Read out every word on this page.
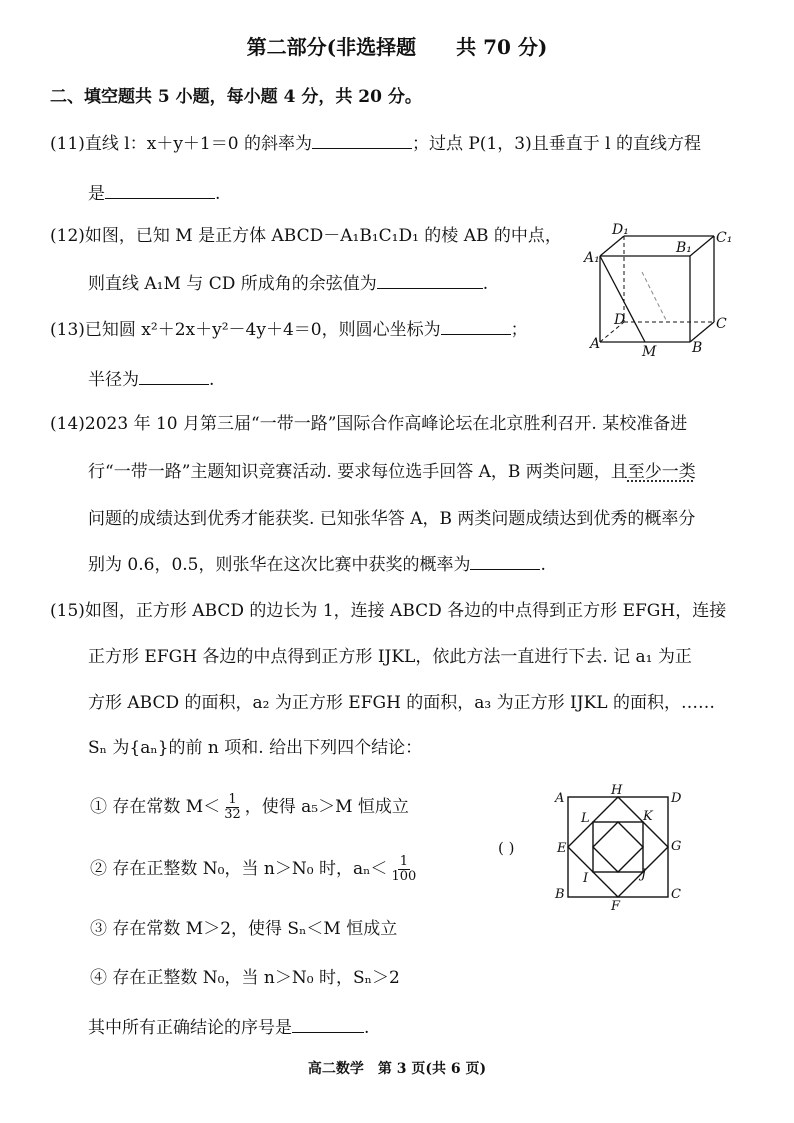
第二部分(非选择题　　共 70 分)
二、填空题共 5 小题，每小题 4 分，共 20 分。
(11)直线 l：x＋y＋1＝0 的斜率为	；过点 P(1，3)且垂直于 l 的直线方程
是	.
(12)如图，已知 M 是正方体 ABCD－A₁B₁C₁D₁ 的棱 AB 的中点，
则直线 A₁M 与 CD 所成角的余弦值为	.
(13)已知圆 x²＋2x＋y²－4y＋4＝0，则圆心坐标为	；
半径为	.
D₁
B₁
C₁
A₁
D	C
A	M	B
(14)2023 年 10 月第三届“一带一路”国际合作高峰论坛在北京胜利召开. 某校准备进
行“一带一路”主题知识竞赛活动. 要求每位选手回答 A，B 两类问题，且至少一类
问题的成绩达到优秀才能获奖. 已知张华答 A，B 两类问题成绩达到优秀的概率分
别为 0.6，0.5，则张华在这次比赛中获奖的概率为	.
(15)如图，正方形 ABCD 的边长为 1，连接 ABCD 各边的中点得到正方形 EFGH，连接
正方形 EFGH 各边的中点得到正方形 IJKL，依此方法一直进行下去. 记 a₁ 为正
方形 ABCD 的面积，a₂ 为正方形 EFGH 的面积，a₃ 为正方形 IJKL 的面积，……
Sₙ 为{aₙ}的前 n 项和. 给出下列四个结论：
① 存在常数 $M< \frac{1}{32}$ ，使得 a₅＞M 恒成立
② 存在正整数 N₀，当 n＞N₀ 时，$a_n< \frac{1}{100}$
③ 存在常数 M＞2，使得 Sₙ＜M 恒成立
④ 存在正整数 N₀，当 n＞N₀ 时，Sₙ＞2
( )
其中所有正确结论的序号是	.
A
H
D
L	K
E	G
I	J
B
F
C
高二数学　第 3 页(共 6 页)
